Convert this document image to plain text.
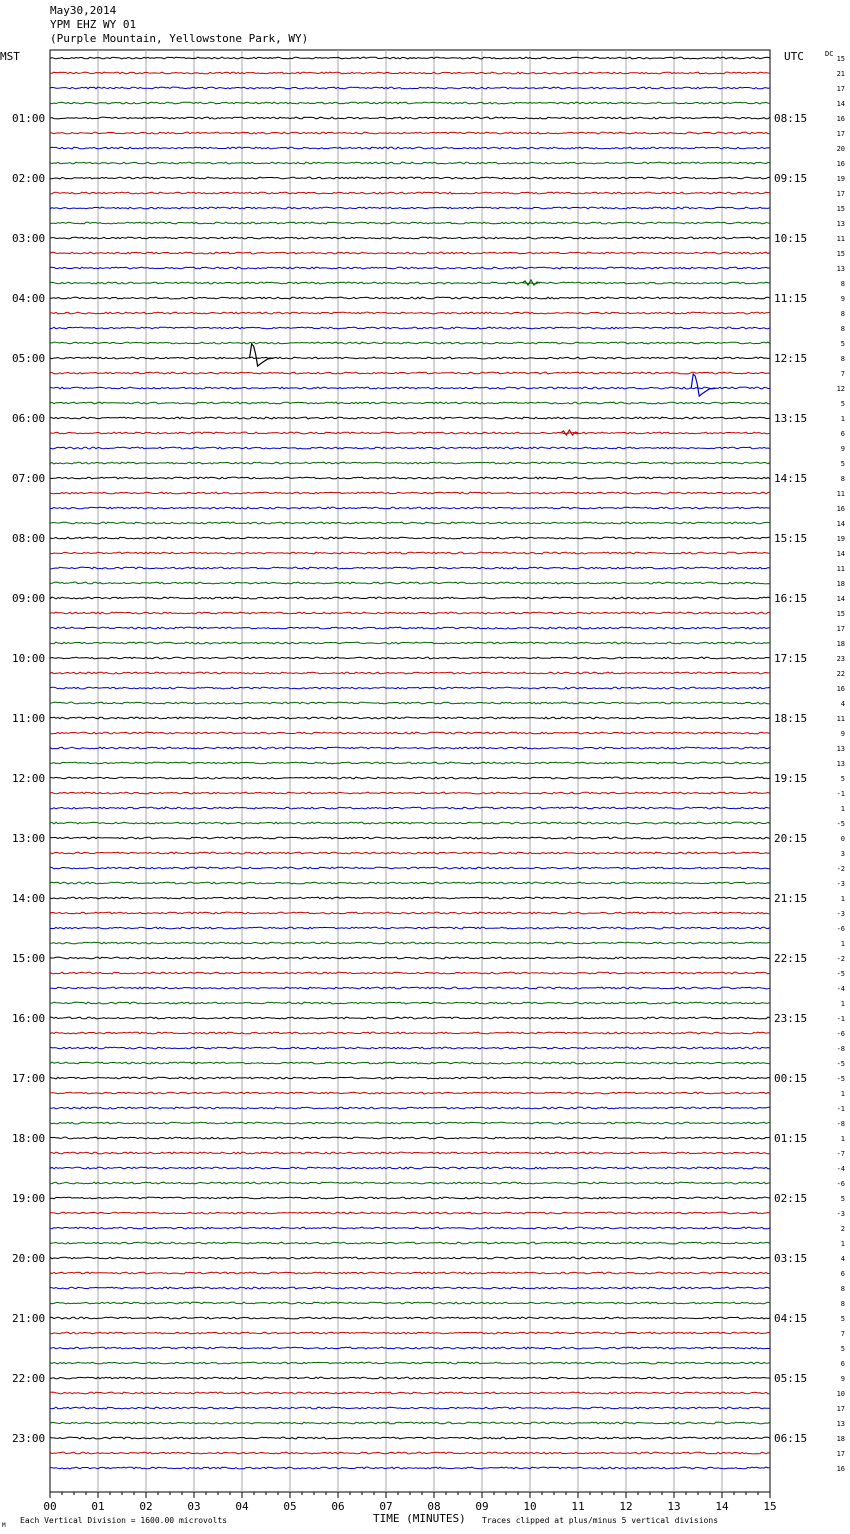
May30,2014
YPM EHZ WY 01
(Purple Mountain, Yellowstone Park, WY)
01:00
02:00
03:00
04:00
05:00
06:00
07:00
08:00
09:00
10:00
11:00
12:00
13:00
14:00
15:00
16:00
17:00
18:00
19:00
20:00
21:00
22:00
23:00
08:15
09:15
10:15
11:15
12:15
13:15
14:15
15:15
16:15
17:15
18:15
19:15
20:15
21:15
22:15
23:15
00:15
01:15
02:15
03:15
04:15
05:15
06:15
15
21
17
14
16
17
20
16
19
17
15
13
11
15
13
8
9
8
8
5
8
7
12
5
1
6
9
5
8
11
16
14
19
14
11
18
14
15
17
18
23
22
16
4
11
9
13
13
5
-1
1
-5
0
3
-2
-3
1
-3
-6
1
-2
-5
-4
1
-1
-6
-8
-5
-5
1
-1
-8
1
-7
-4
-6
5
-3
2
1
4
6
8
8
5
7
5
6
9
10
17
13
18
17
16
00	01	02	03	04	05	06	07	08	09	10	11	12	13	14	15
MST	UTC	DC
Each Vertical Division = 1600.00 microvolts	TIME (MINUTES) Traces clipped at plus/minus 5 vertical divisions
M
